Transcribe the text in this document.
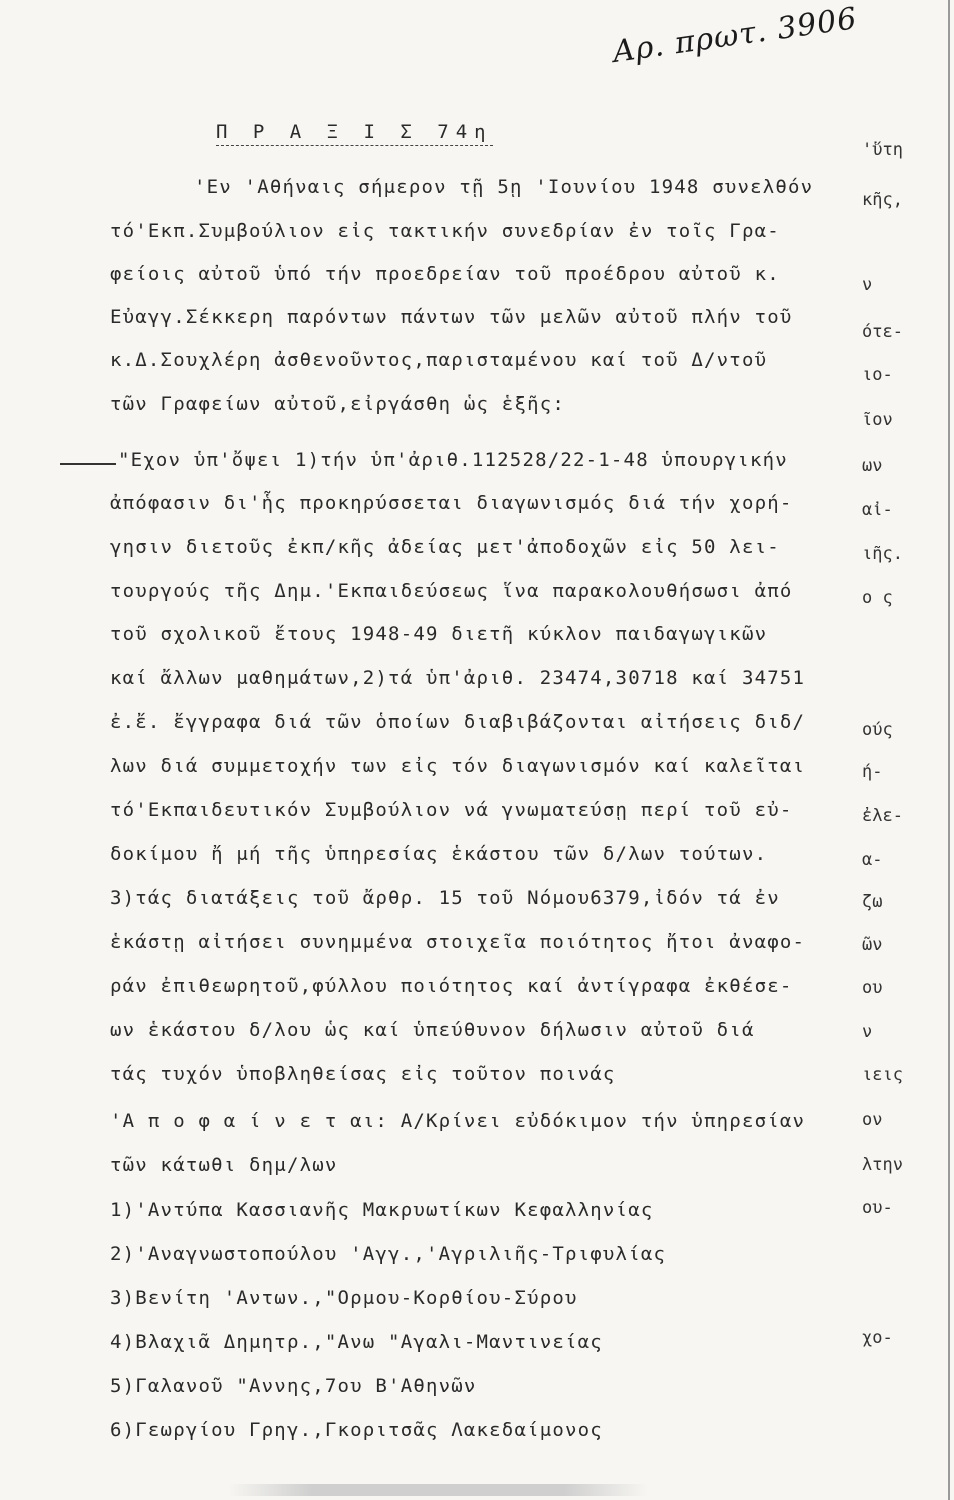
Αρ. πρωτ. 3906
Π Ρ Α Ξ Ι Σ 74η
'Εν 'Αθήναις σήμερον τῇ 5ῃ 'Ιουνίου 1948 συνελθόν
τό'Εκπ.Συμβούλιον εἰς τακτικήν συνεδρίαν ἐν τοῖς Γρα-
φείοις αὐτοῦ ὑπό τήν προεδρείαν τοῦ προέδρου αὐτοῦ κ.
Εὐαγγ.Σέκκερη παρόντων πάντων τῶν μελῶν αὐτοῦ πλήν τοῦ
κ.Δ.Σουχλέρη ἀσθενοῦντος,παρισταμένου καί τοῦ Δ/ντοῦ
τῶν Γραφείων αὐτοῦ,εἰργάσθη ὡς ἑξῆς:
"Εχον ὑπ'ὄψει 1)τήν ὑπ'ἀριθ.112528/22-1-48 ὑπουργικήν
ἀπόφασιν δι'ἧς προκηρύσσεται διαγωνισμός διά τήν χορή-
γησιν διετοῦς ἐκπ/κῆς ἀδείας μετ'ἀποδοχῶν εἰς 50 λει-
τουργούς τῆς Δημ.'Εκπαιδεύσεως ἵνα παρακολουθήσωσι ἀπό
τοῦ σχολικοῦ ἔτους 1948-49 διετῆ κύκλον παιδαγωγικῶν
καί ἄλλων μαθημάτων,2)τά ὑπ'ἀριθ. 23474,30718 καί 34751
ἐ.ἔ. ἔγγραφα διά τῶν ὁποίων διαβιβάζονται αἰτήσεις διδ/
λων διά συμμετοχήν των εἰς τόν διαγωνισμόν καί καλεῖται
τό'Εκπαιδευτικόν Συμβούλιον νά γνωματεύσῃ περί τοῦ εὐ-
δοκίμου ἤ μή τῆς ὑπηρεσίας ἑκάστου τῶν δ/λων τούτων.
3)τάς διατάξεις τοῦ ἄρθρ. 15 τοῦ Νόμου6379,ἰδόν τά ἐν
ἑκάστῃ αἰτήσει συνημμένα στοιχεῖα ποιότητος ἤτοι ἀναφο-
ράν ἐπιθεωρητοῦ,φύλλου ποιότητος καί ἀντίγραφα ἐκθέσε-
ων ἑκάστου δ/λου ὡς καί ὑπεύθυνον δήλωσιν αὐτοῦ διά
τάς τυχόν ὑποβληθείσας εἰς τοῦτον ποινάς
'Α π ο φ α ί ν ε τ αι: Α/Κρίνει εὐδόκιμον τήν ὑπηρεσίαν
τῶν κάτωθι δημ/λων
1)'Αντύπα Κασσιανῆς Μακρυωτίκων Κεφαλληνίας
2)'Αναγνωστοπούλου 'Αγγ.,'Αγριλιῆς-Τριφυλίας
3)Βενίτη 'Αντων.,"Ορμου-Κορθίου-Σύρου
4)Βλαχιᾶ Δημητρ.,"Ανω "Αγαλι-Μαντινείας
5)Γαλανοῦ "Αννης,7ου Β'Αθηνῶν
6)Γεωργίου Γρηγ.,Γκοριτσᾶς Λακεδαίμονος
'ὕτη
κῆς,
ν
ότε-
ιο-
ῖον
ων
αἰ-
ιῆς.
ο ς
ούς
ή-
ἐλε-
α-
ζω
ῶν
ου
ν
ιεις
ον
λτην
ου-
χο-
